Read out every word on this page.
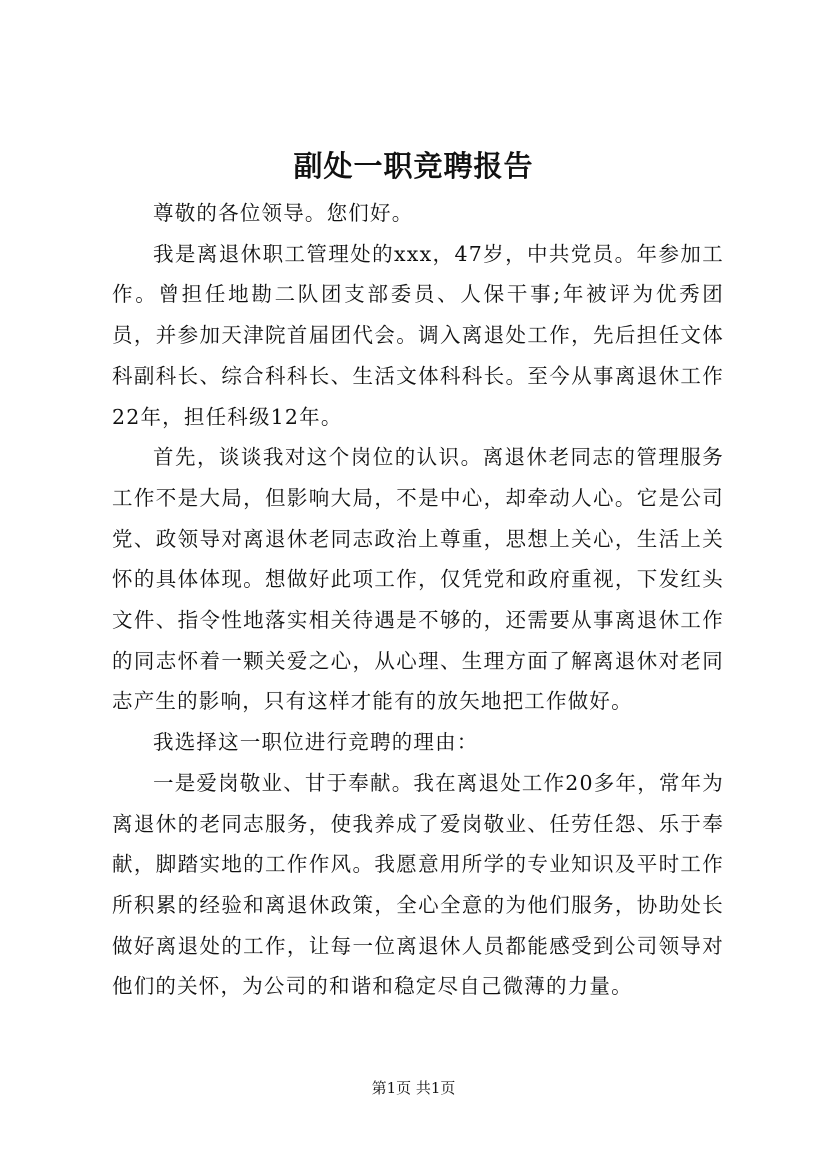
副处一职竞聘报告

尊敬的各位领导。您们好。

我是离退休职工管理处的xxx，47岁，中共党员。年参加工作。曾担任地勘二队团支部委员、人保干事;年被评为优秀团员，并参加天津院首届团代会。调入离退处工作，先后担任文体科副科长、综合科科长、生活文体科科长。至今从事离退休工作22年，担任科级12年。

首先，谈谈我对这个岗位的认识。离退休老同志的管理服务工作不是大局，但影响大局，不是中心，却牵动人心。它是公司党、政领导对离退休老同志政治上尊重，思想上关心，生活上关怀的具体体现。想做好此项工作，仅凭党和政府重视，下发红头文件、指令性地落实相关待遇是不够的，还需要从事离退休工作的同志怀着一颗关爱之心，从心理、生理方面了解离退休对老同志产生的影响，只有这样才能有的放矢地把工作做好。

我选择这一职位进行竞聘的理由：

一是爱岗敬业、甘于奉献。我在离退处工作20多年，常年为离退休的老同志服务，使我养成了爱岗敬业、任劳任怨、乐于奉献，脚踏实地的工作作风。我愿意用所学的专业知识及平时工作所积累的经验和离退休政策，全心全意的为他们服务，协助处长做好离退处的工作，让每一位离退休人员都能感受到公司领导对他们的关怀，为公司的和谐和稳定尽自己微薄的力量。

第1页 共1页
